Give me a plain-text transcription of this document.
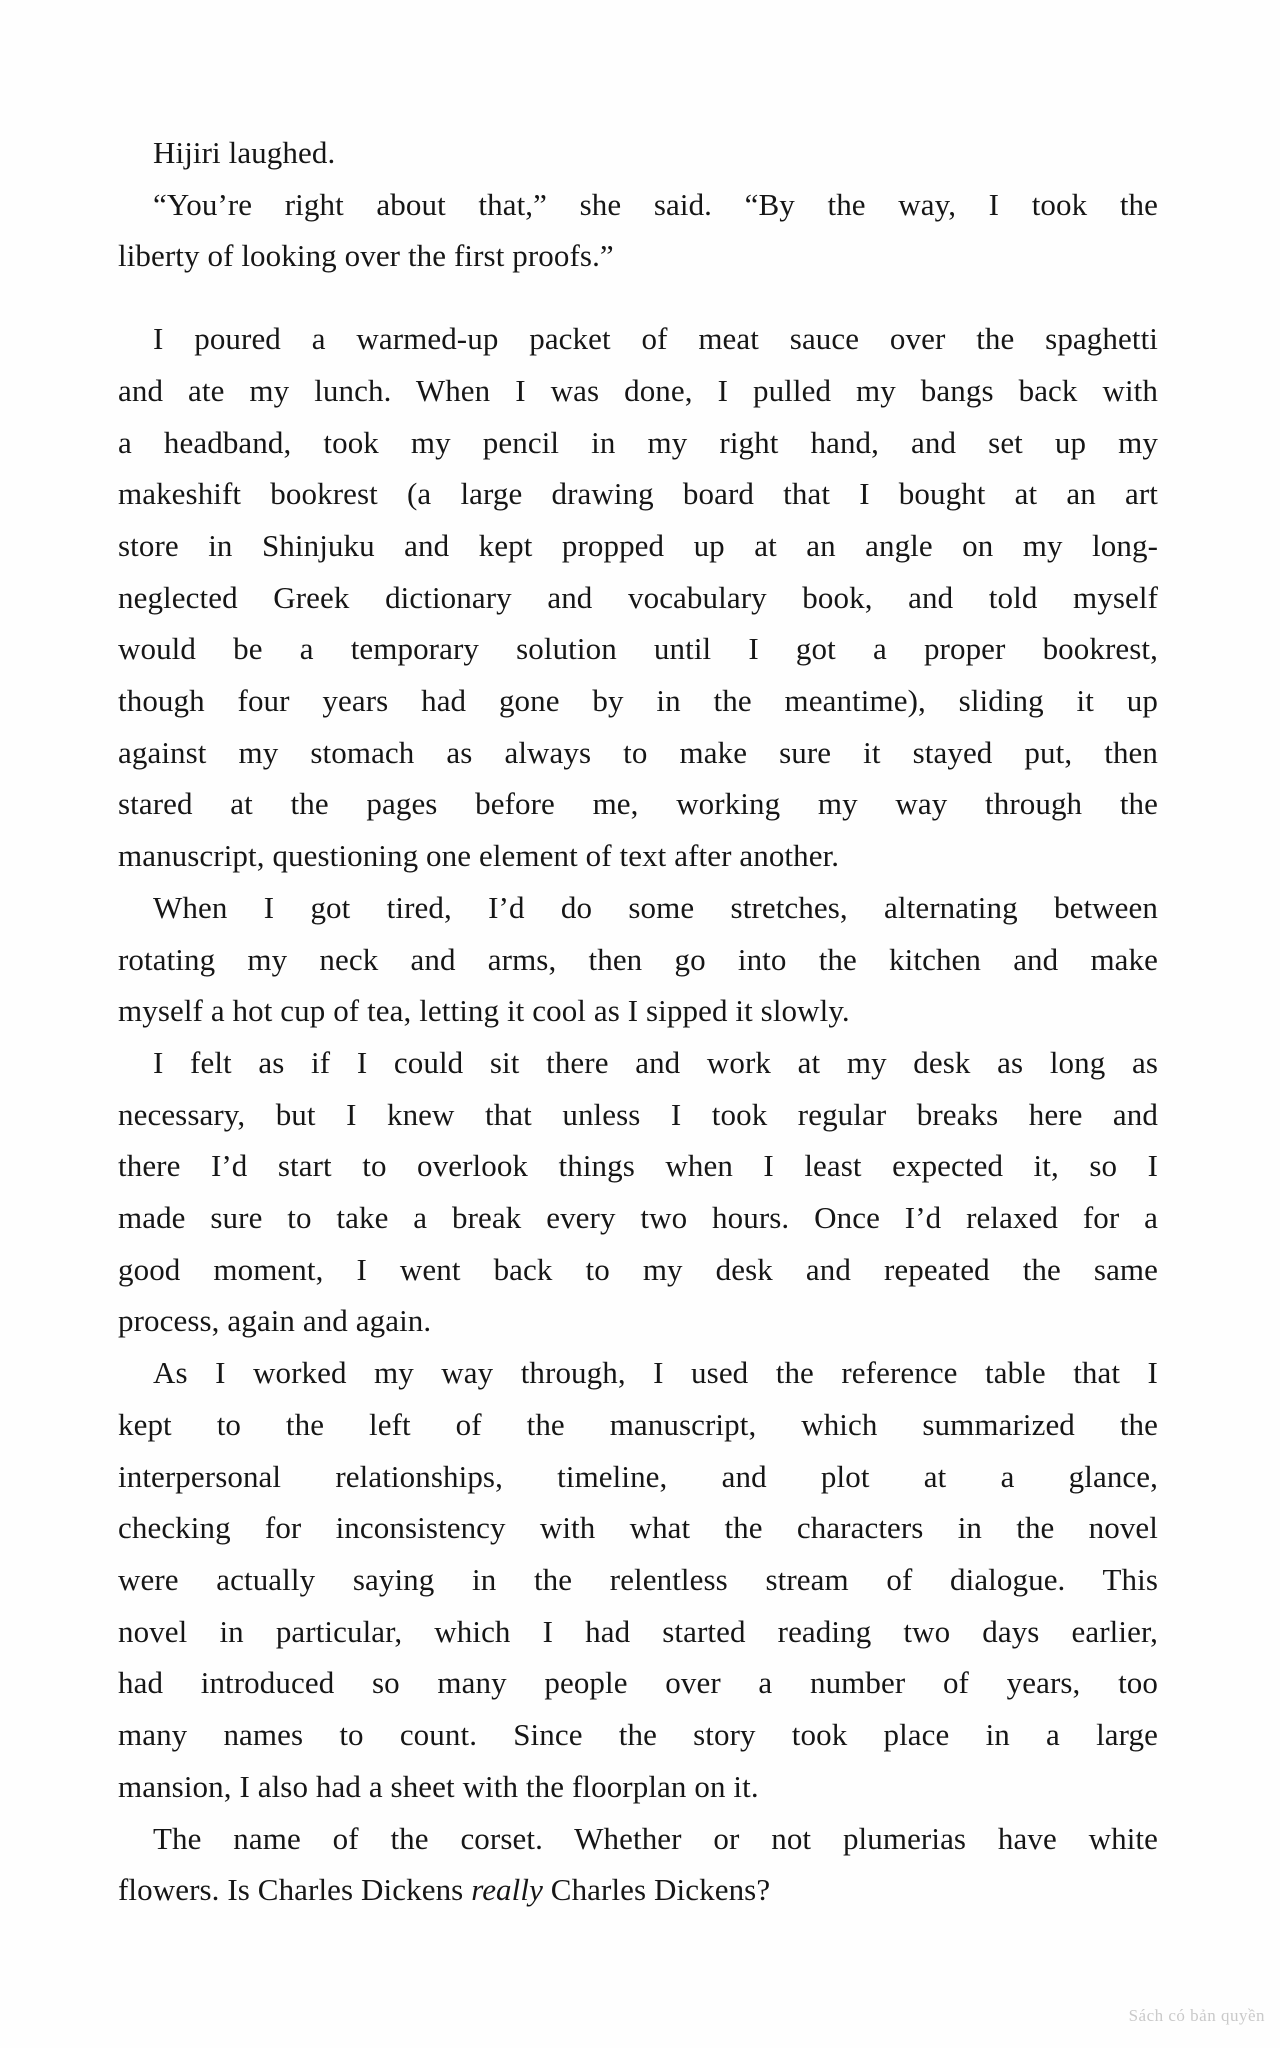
Hijiri laughed.
“You’re right about that,” she said. “By the way, I took the
liberty of looking over the first proofs.”
I poured a warmed-up packet of meat sauce over the spaghetti
and ate my lunch. When I was done, I pulled my bangs back with
a headband, took my pencil in my right hand, and set up my
makeshift bookrest (a large drawing board that I bought at an art
store in Shinjuku and kept propped up at an angle on my long-
neglected Greek dictionary and vocabulary book, and told myself
would be a temporary solution until I got a proper bookrest,
though four years had gone by in the meantime), sliding it up
against my stomach as always to make sure it stayed put, then
stared at the pages before me, working my way through the
manuscript, questioning one element of text after another.
When I got tired, I’d do some stretches, alternating between
rotating my neck and arms, then go into the kitchen and make
myself a hot cup of tea, letting it cool as I sipped it slowly.
I felt as if I could sit there and work at my desk as long as
necessary, but I knew that unless I took regular breaks here and
there I’d start to overlook things when I least expected it, so I
made sure to take a break every two hours. Once I’d relaxed for a
good moment, I went back to my desk and repeated the same
process, again and again.
As I worked my way through, I used the reference table that I
kept to the left of the manuscript, which summarized the
interpersonal relationships, timeline, and plot at a glance,
checking for inconsistency with what the characters in the novel
were actually saying in the relentless stream of dialogue. This
novel in particular, which I had started reading two days earlier,
had introduced so many people over a number of years, too
many names to count. Since the story took place in a large
mansion, I also had a sheet with the floorplan on it.
The name of the corset. Whether or not plumerias have white
flowers. Is Charles Dickens really Charles Dickens?
Sách có bản quyền
